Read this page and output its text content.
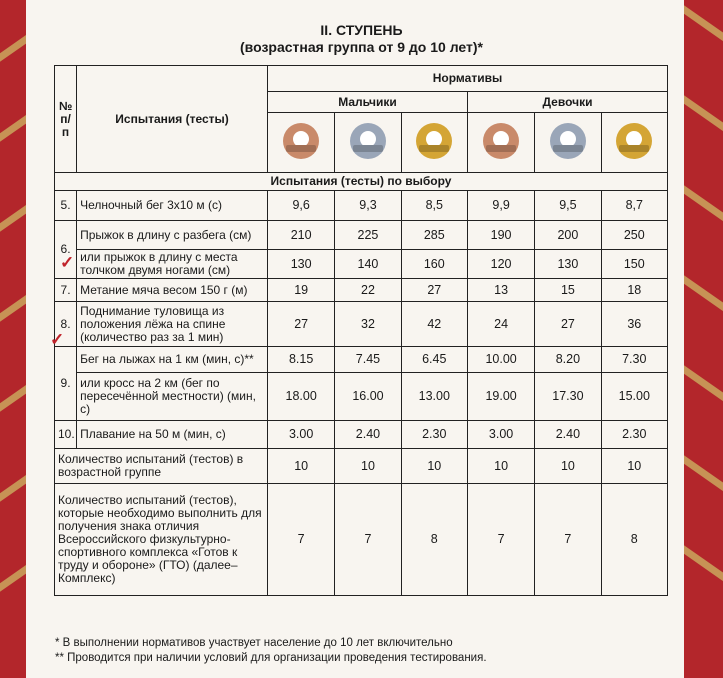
II. СТУПЕНЬ
(возрастная группа от 9 до 10 лет)*
№ п/п	Испытания (тесты)	Нормативы					
		Мальчики			Девочки		

Испытания (тесты) по выбору							
5.	Челночный бег 3х10 м (с)	9,6	9,3	8,5	9,9	9,5	8,7
6.	Прыжок в длину с разбега (см)	210	225	285	190	200	250
	или прыжок в длину с места толчком двумя ногами (см)	130	140	160	120	130	150
7.	Метание мяча весом 150 г (м)	19	22	27	13	15	18
8.	Поднимание туловища из положения лёжа на спине (количество раз за 1 мин)	27	32	42	24	27	36
9.	Бег на лыжах на 1 км (мин, с)**	8.15	7.45	6.45	10.00	8.20	7.30
	или кросс на 2 км (бег по пересечённой местности) (мин, с)	18.00	16.00	13.00	19.00	17.30	15.00
10.	Плавание на 50 м (мин, с)	3.00	2.40	2.30	3.00	2.40	2.30
Количество испытаний (тестов) в возрастной группе		10	10	10	10	10	10
Количество испытаний (тестов), которые необходимо выполнить для получения знака отличия Всероссийского физкультурно-спортивного комплекса «Готов к труду и обороне» (ГТО) (далее–Комплекс)		7	7	8	7	7	8
* В выполнении нормативов участвует население до 10 лет включительно
** Проводится при наличии условий для организации проведения тестирования.
✓
✓
